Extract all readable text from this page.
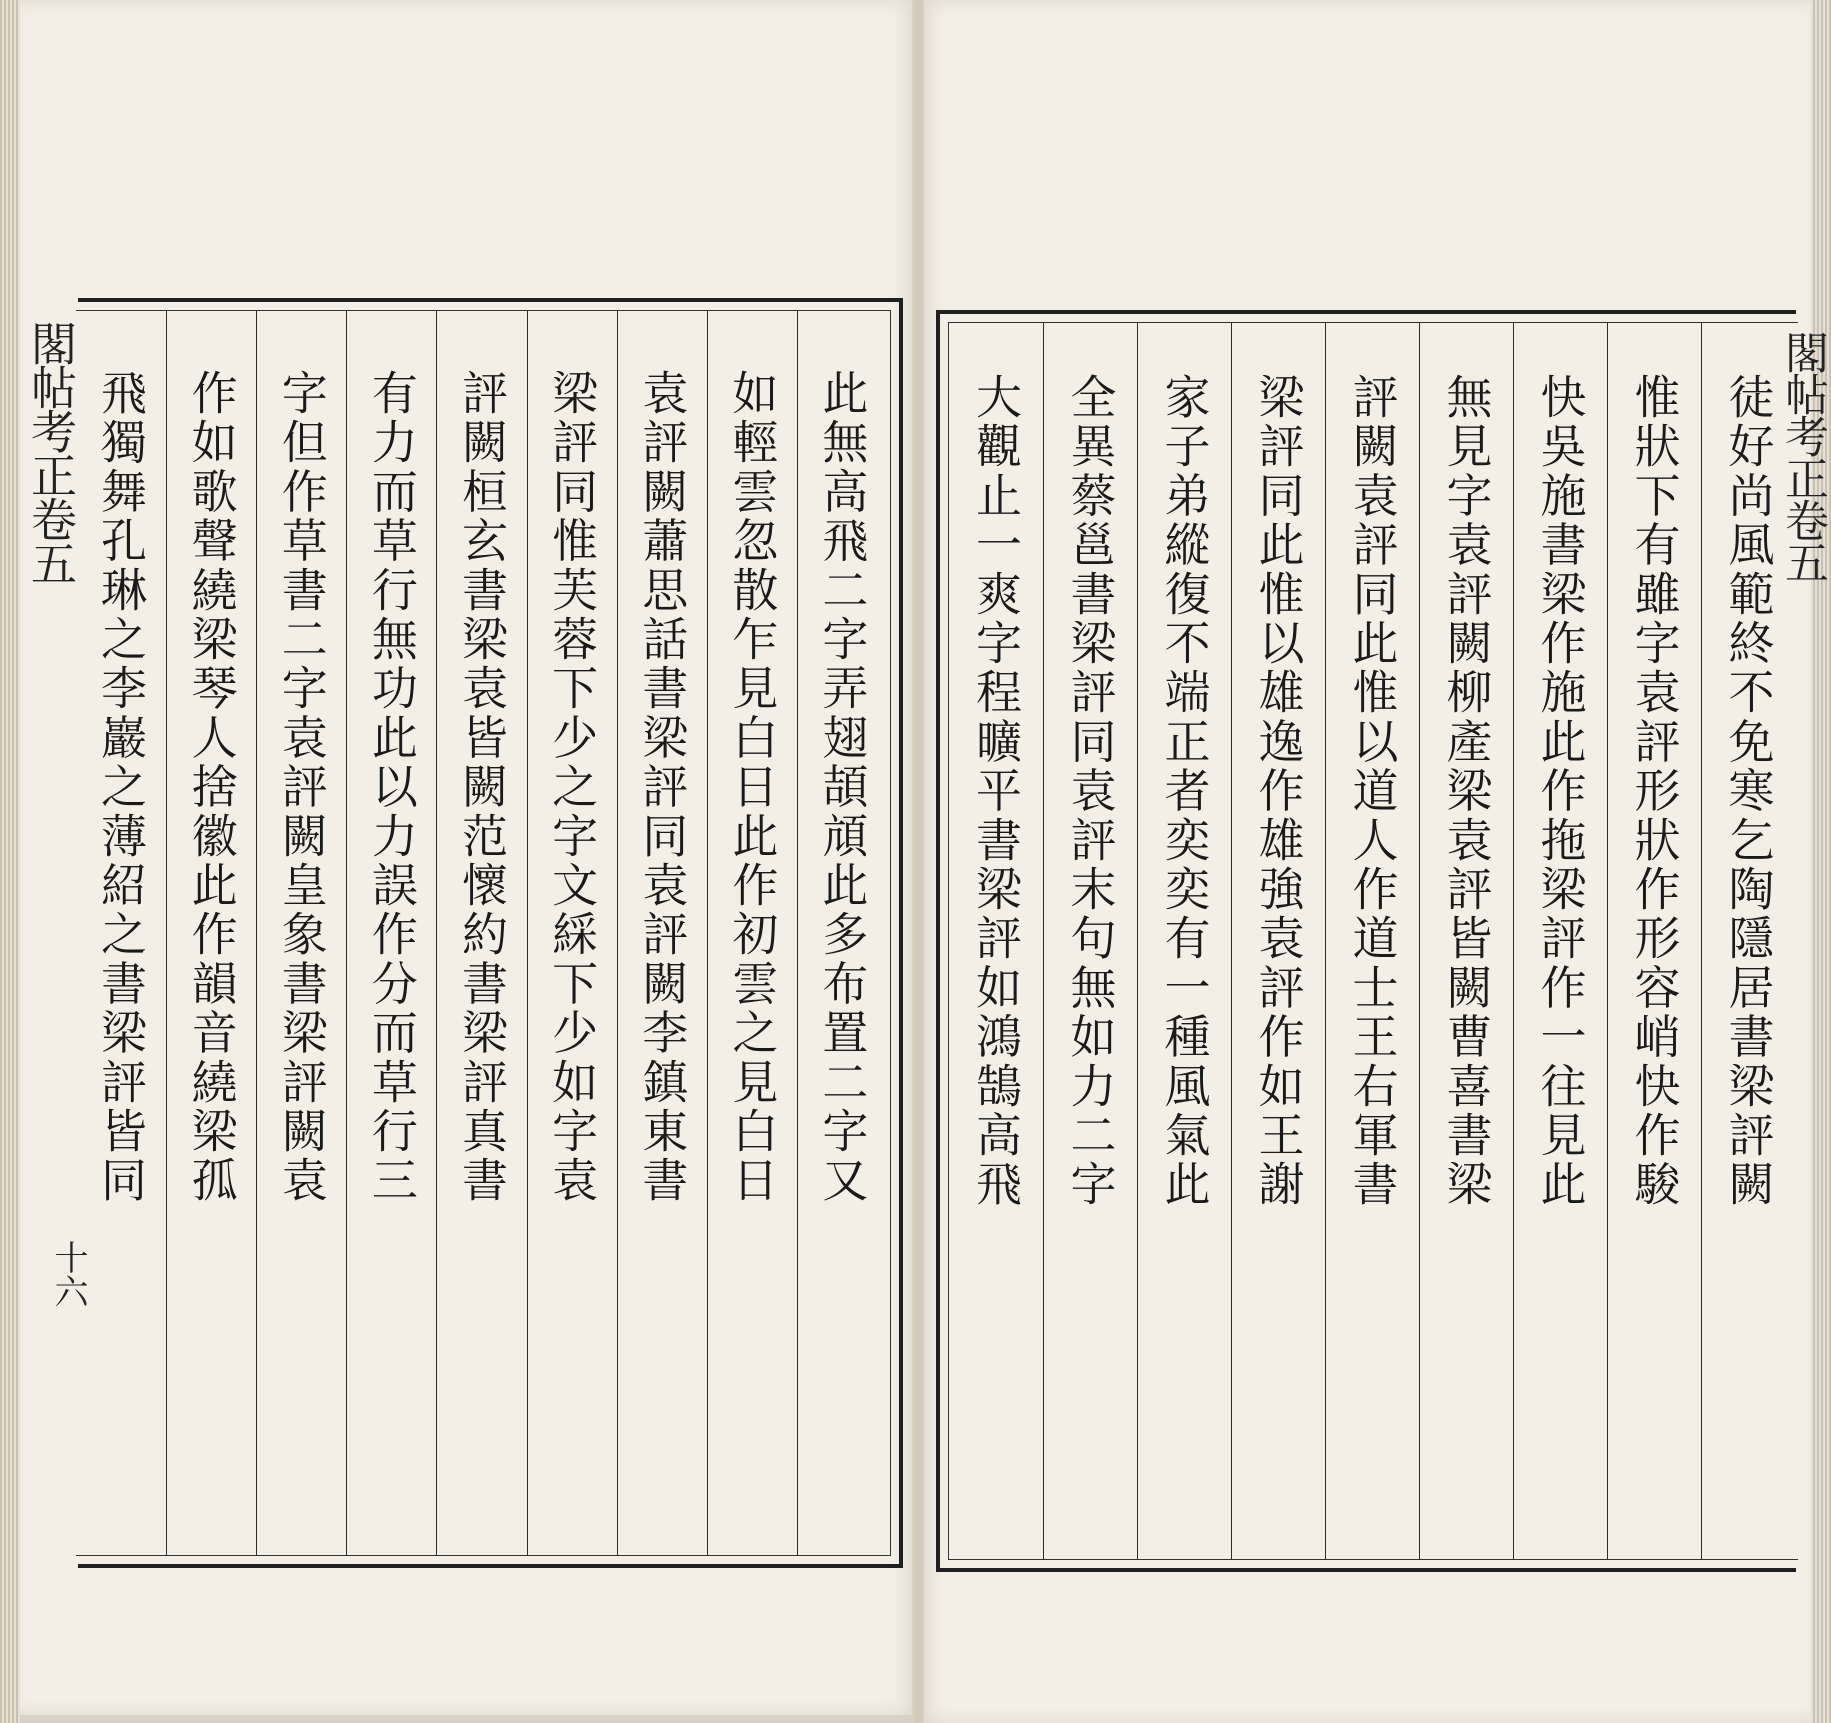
此無高飛二字弄翅頡頏此多布置二字又
如輕雲忽散乍見白日此作初雲之見白日
袁評闕蕭思話書梁評同袁評闕李鎮東書
梁評同惟芙蓉下少之字文綵下少如字袁
評闕桓玄書梁袁皆闕范懷約書梁評真書
有力而草行無功此以力誤作分而草行三
字但作草書二字袁評闕皇象書梁評闕袁
作如歌聲繞梁琴人捨徽此作韻音繞梁孤
飛獨舞孔琳之李巖之薄紹之書梁評皆同	徒好尚風範終不免寒乞陶隱居書梁評闕
惟狀下有雖字袁評形狀作形容峭快作駿
快吳施書梁作施此作拖梁評作一往見此
無見字袁評闕柳產梁袁評皆闕曹喜書梁
評闕袁評同此惟以道人作道士王右軍書
梁評同此惟以雄逸作雄強袁評作如王謝
家子弟縱復不端正者奕奕有一種風氣此
全異蔡邕書梁評同袁評末句無如力二字
大觀止一爽字程曠平書梁評如鴻鵠高飛
閣帖考正卷五
十六
閣帖考正卷五
